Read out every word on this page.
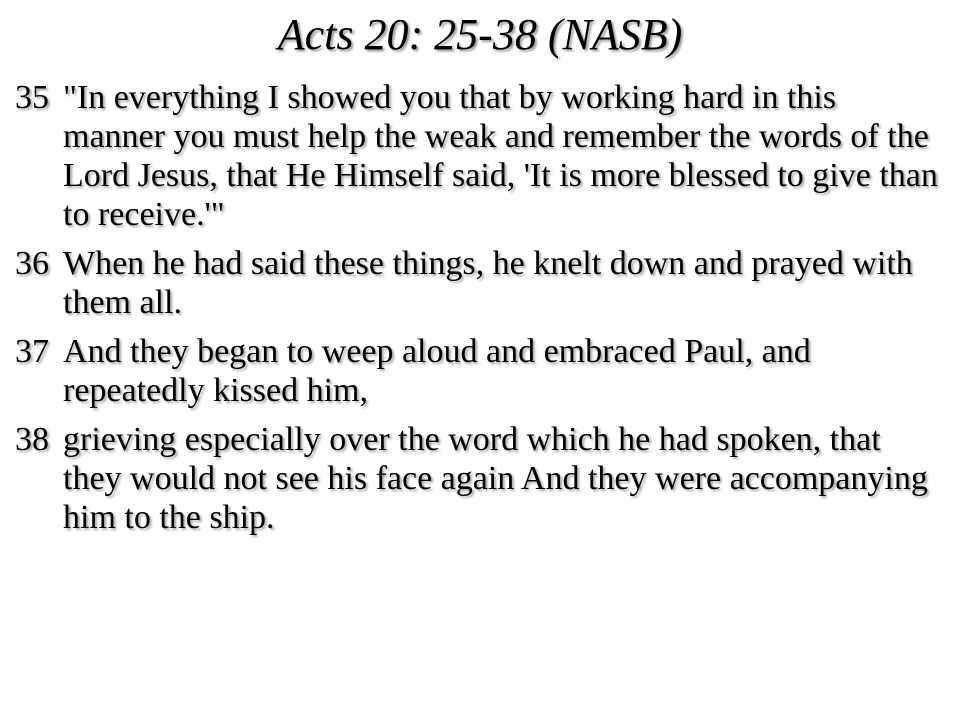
Acts 20: 25-38 (NASB)

35 "In everything I showed you that by working hard in this manner you must help the weak and remember the words of the Lord Jesus, that He Himself said, 'It is more blessed to give than to receive.'"

36 When he had said these things, he knelt down and prayed with them all.

37 And they began to weep aloud and embraced Paul, and repeatedly kissed him,

38 grieving especially over the word which he had spoken, that they would not see his face again And they were accompanying him to the ship.
